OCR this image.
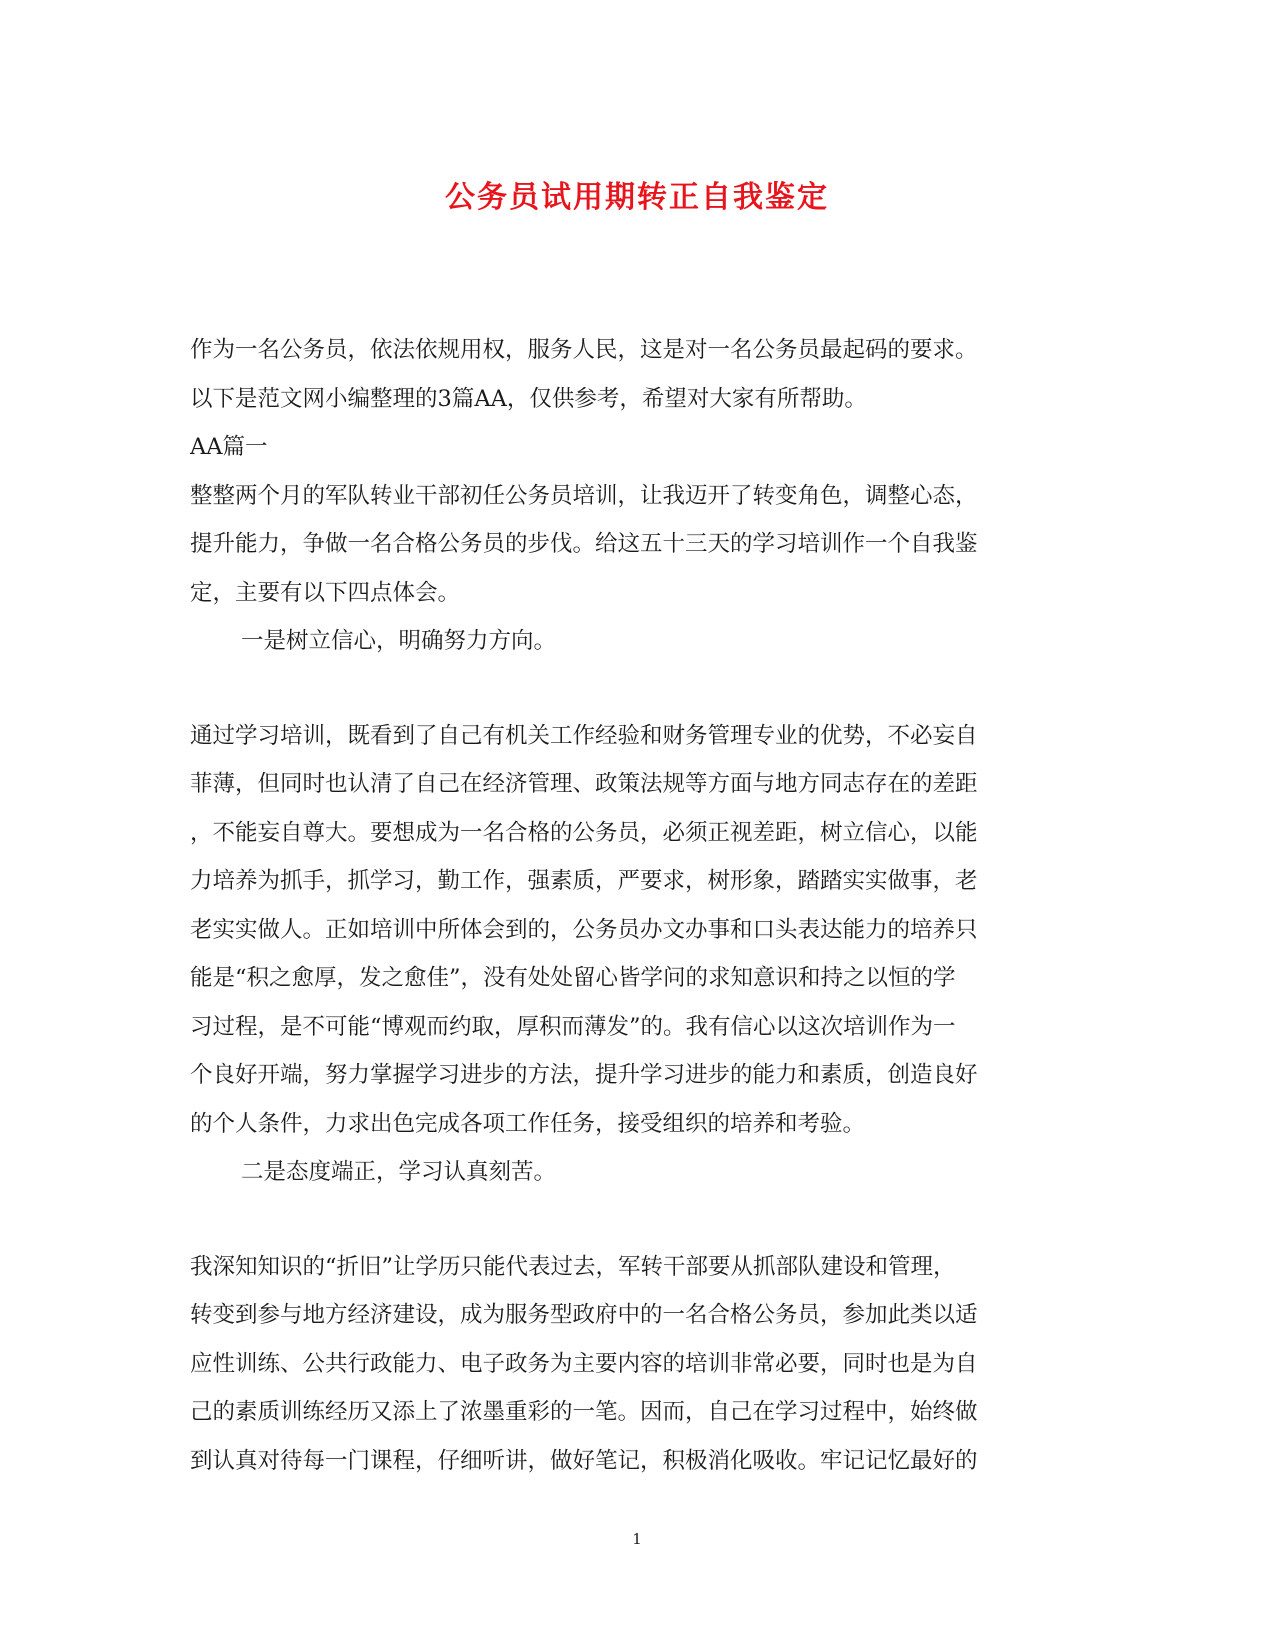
公务员试用期转正自我鉴定
作为一名公务员，依法依规用权，服务人民，这是对一名公务员最起码的要求。
以下是范文网小编整理的3篇AA，仅供参考，希望对大家有所帮助。
AA篇一
整整两个月的军队转业干部初任公务员培训，让我迈开了转变角色，调整心态，
提升能力，争做一名合格公务员的步伐。给这五十三天的学习培训作一个自我鉴
定，主要有以下四点体会。
一是树立信心，明确努力方向。
通过学习培训，既看到了自己有机关工作经验和财务管理专业的优势，不必妄自
菲薄，但同时也认清了自己在经济管理、政策法规等方面与地方同志存在的差距
，不能妄自尊大。要想成为一名合格的公务员，必须正视差距，树立信心，以能
力培养为抓手，抓学习，勤工作，强素质，严要求，树形象，踏踏实实做事，老
老实实做人。正如培训中所体会到的，公务员办文办事和口头表达能力的培养只
能是“积之愈厚，发之愈佳”，没有处处留心皆学问的求知意识和持之以恒的学
习过程，是不可能“博观而约取，厚积而薄发”的。我有信心以这次培训作为一
个良好开端，努力掌握学习进步的方法，提升学习进步的能力和素质，创造良好
的个人条件，力求出色完成各项工作任务，接受组织的培养和考验。
二是态度端正，学习认真刻苦。
我深知知识的“折旧”让学历只能代表过去，军转干部要从抓部队建设和管理，
转变到参与地方经济建设，成为服务型政府中的一名合格公务员，参加此类以适
应性训练、公共行政能力、电子政务为主要内容的培训非常必要，同时也是为自
己的素质训练经历又添上了浓墨重彩的一笔。因而，自己在学习过程中，始终做
到认真对待每一门课程，仔细听讲，做好笔记，积极消化吸收。牢记记忆最好的
1
